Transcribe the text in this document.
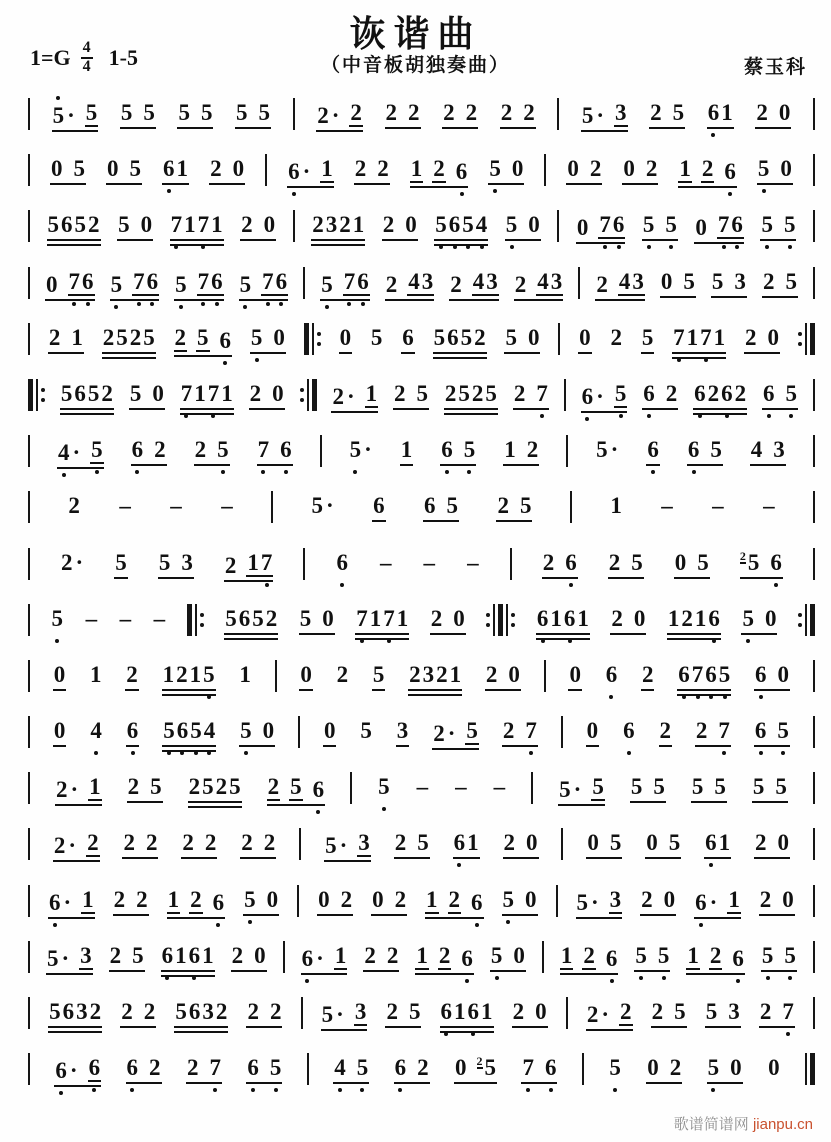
诙谐曲
（中音板胡独奏曲）
$1=G \frac{4}{4} 1-5$	蔡玉科
5 · 5 5 5 5 5 5 5 2 · 2 2 2 2 2 2 2 5 · 3 2 5 6 1 2 0
0 5 0 5 6 1 2 0 6 · 1 2 2 1 2 6 5 0 0 2 0 2 1 2 6 5 0
5 6 5 2 5 0 7 1 7 1 2 0 2 3 2 1 2 0 5 6 5 4 5 0 0 7 6 5 5 0 7 6 5 5
0 7 6 5 7 6 5 7 6 5 7 6 5 7 6 2 4 3 2 4 3 2 4 3 2 4 3 0 5 5 3 2 5
2 1 2 5 2 5 2 5 6 5 0 0 5 6 5 6 5 2 5 0 0 2 5 7 1 7 1 2 0
5 6 5 2 5 0 7 1 7 1 2 0 2 · 1 2 5 2 5 2 5 2 7 6 · 5 6 2 6 2 6 2 6 5
4 · 5 6 2 2 5 7 6	5 · 1 6 5 1 2	5 · 6 6 5 4 3
2 – – –	5 · 6 6 5 2 5	1 – – –
2 · 5 5 3 2 1 7	6 – – –	2 6 2 5 0 5	2 5 6
5 – – –	5 6 5 2 5 0 7 1 7 1 2 0	6 1 6 1 2 0 1 2 1 6 5 0
0 1 2 1 2 1 5 1 0 2 5 2 3 2 1 2 0 0 6 2 6 7 6 5 6 0
0 4 6 5 6 5 4 5 0 0 5 3 2 · 5 2 7 0 6 2 2 7 6 5
2 · 1 2 5 2 5 2 5 2 5 6 5 – – – 5 · 5 5 5 5 5 5 5
2 · 2 2 2 2 2 2 2 5 · 3 2 5 6 1 2 0 0 5 0 5 6 1 2 0
6 · 1 2 2 1 2 6 5 0 0 2 0 2 1 2 6 5 0 5 · 3 2 0 6 · 1 2 0
5 · 3 2 5 6 1 6 1 2 0 6 · 1 2 2 1 2 6 5 0 1 2 6 5 5 1 2 6 5 5
5 6 3 2 2 2 5 6 3 2 2 2 5 · 3 2 5 6 1 6 1 2 0 2 · 2 2 5 5 3 2 7
6 · 6 6 2 2 7 6 5 4 5 6 2 0 2 5 7 6 5 0 2 5 0 0
歌谱简谱网 jianpu.cn
